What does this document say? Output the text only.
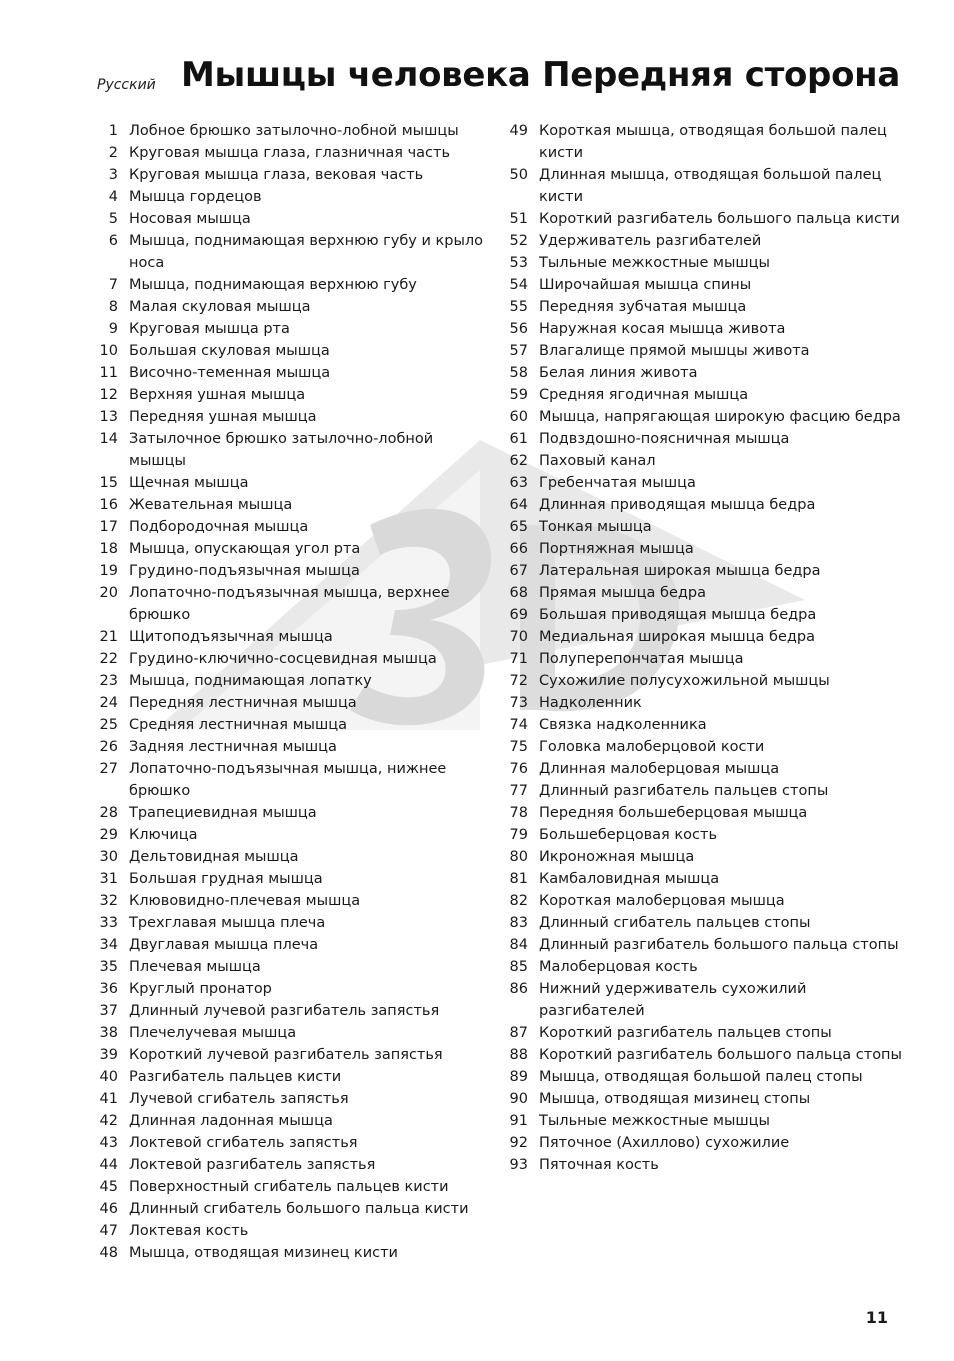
Русский Мышцы человека Передняя сторона
1 Лобное брюшко затылочно-лобной мышцы
2 Круговая мышца глаза, глазничная часть
3 Круговая мышца глаза, вековая часть
4 Мышца гордецов
5 Носовая мышца
6 Мышца, поднимающая верхнюю губу и крыло носа
7 Мышца, поднимающая верхнюю губу
8 Малая скуловая мышца
9 Круговая мышца рта
10 Большая скуловая мышца
11 Височно-теменная мышца
12 Верхняя ушная мышца
13 Передняя ушная мышца
14 Затылочное брюшко затылочно-лобной мышцы
15 Щечная мышца
16 Жевательная мышца
17 Подбородочная мышца
18 Мышца, опускающая угол рта
19 Грудино-подъязычная мышца
20 Лопаточно-подъязычная мышца, верхнее брюшко
21 Щитоподъязычная мышца
22 Грудино-ключично-сосцевидная мышца
23 Мышца, поднимающая лопатку
24 Передняя лестничная мышца
25 Средняя лестничная мышца
26 Задняя лестничная мышца
27 Лопаточно-подъязычная мышца, нижнее брюшко
28 Трапециевидная мышца
29 Ключица
30 Дельтовидная мышца
31 Большая грудная мышца
32 Клювовидно-плечевая мышца
33 Трехглавая мышца плеча
34 Двуглавая мышца плеча
35 Плечевая мышца
36 Круглый пронатор
37 Длинный лучевой разгибатель запястья
38 Плечелучевая мышца
39 Короткий лучевой разгибатель запястья
40 Разгибатель пальцев кисти
41 Лучевой сгибатель запястья
42 Длинная ладонная мышца
43 Локтевой сгибатель запястья
44 Локтевой разгибатель запястья
45 Поверхностный сгибатель пальцев кисти
46 Длинный сгибатель большого пальца кисти
47 Локтевая кость
48 Мышца, отводящая мизинец кисти
49 Короткая мышца, отводящая большой палец кисти
50 Длинная мышца, отводящая большой палец кисти
51 Короткий разгибатель большого пальца кисти
52 Удерживатель разгибателей
53 Тыльные межкостные мышцы
54 Широчайшая мышца спины
55 Передняя зубчатая мышца
56 Наружная косая мышца живота
57 Влагалище прямой мышцы живота
58 Белая линия живота
59 Средняя ягодичная мышца
60 Мышца, напрягающая широкую фасцию бедра
61 Подвздошно-поясничная мышца
62 Паховый канал
63 Гребенчатая мышца
64 Длинная приводящая мышца бедра
65 Тонкая мышца
66 Портняжная мышца
67 Латеральная широкая мышца бедра
68 Прямая мышца бедра
69 Большая приводящая мышца бедра
70 Медиальная широкая мышца бедра
71 Полуперепончатая мышца
72 Сухожилие полусухожильной мышцы
73 Надколенник
74 Связка надколенника
75 Головка малоберцовой кости
76 Длинная малоберцовая мышца
77 Длинный разгибатель пальцев стопы
78 Передняя большеберцовая мышца
79 Большеберцовая кость
80 Икроножная мышца
81 Камбаловидная мышца
82 Короткая малоберцовая мышца
83 Длинный сгибатель пальцев стопы
84 Длинный разгибатель большого пальца стопы
85 Малоберцовая кость
86 Нижний удерживатель сухожилий разгибателей
87 Короткий разгибатель пальцев стопы
88 Короткий разгибатель большого пальца стопы
89 Мышца, отводящая большой палец стопы
90 Мышца, отводящая мизинец стопы
91 Тыльные межкостные мышцы
92 Пяточное (Ахиллово) сухожилие
93 Пяточная кость
11
